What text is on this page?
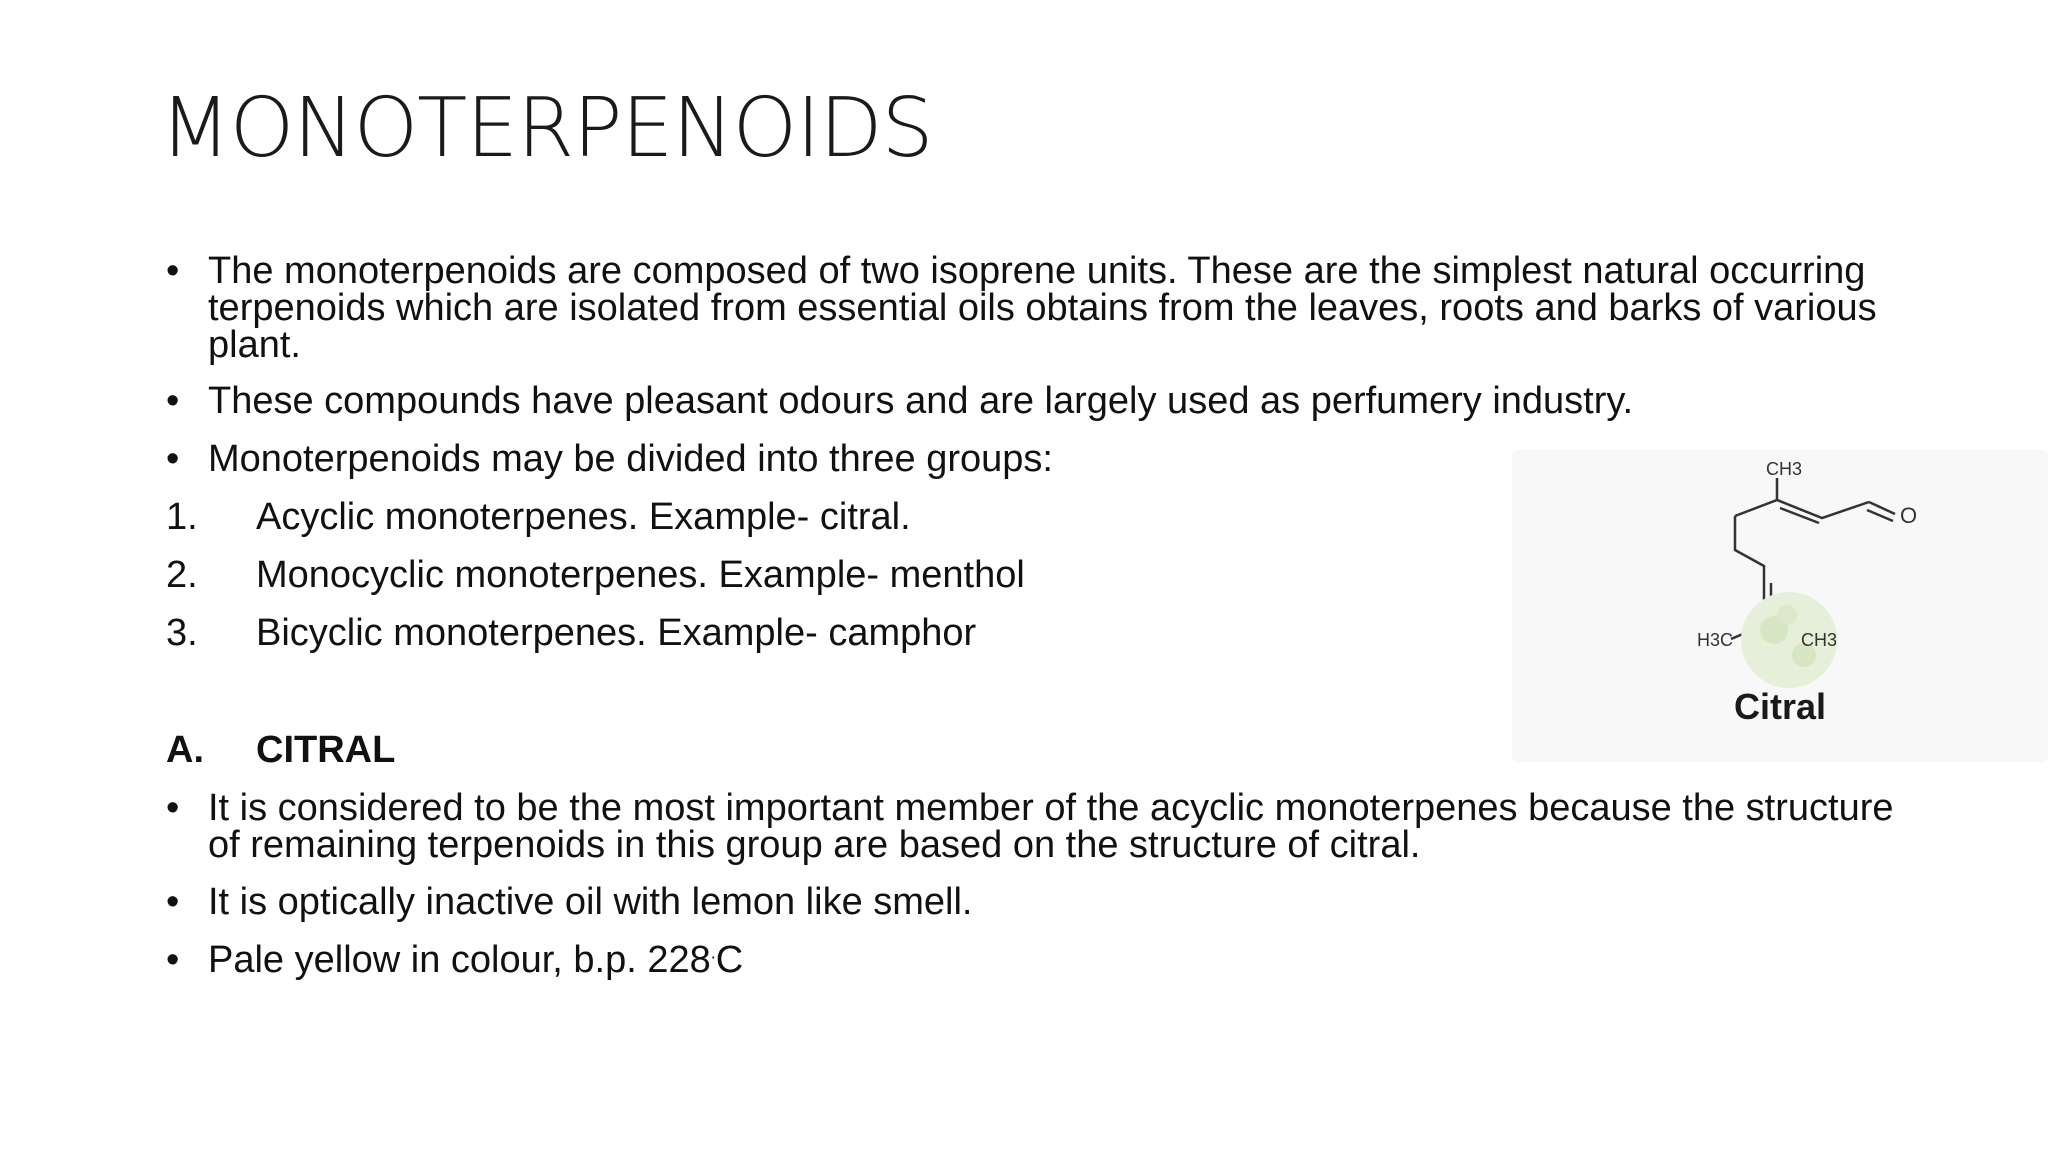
MONOTERPENOIDS
• The monoterpenoids are composed of two isoprene units. These are the simplest natural occurring terpenoids which are isolated from essential oils obtains from the leaves, roots and barks of various plant.
• These compounds have pleasant odours and are largely used as perfumery industry.
• Monoterpenoids may be divided into three groups:
1. Acyclic monoterpenes. Example- citral.
2. Monocyclic monoterpenes. Example- menthol
3. Bicyclic monoterpenes. Example- camphor
A. CITRAL
• It is considered to be the most important member of the acyclic monoterpenes because the structure of remaining terpenoids in this group are based on the structure of citral.
• It is optically inactive oil with lemon like smell.
• Pale yellow in colour, b.p. 228.C
CH3
O
H3C	CH3
Citral
